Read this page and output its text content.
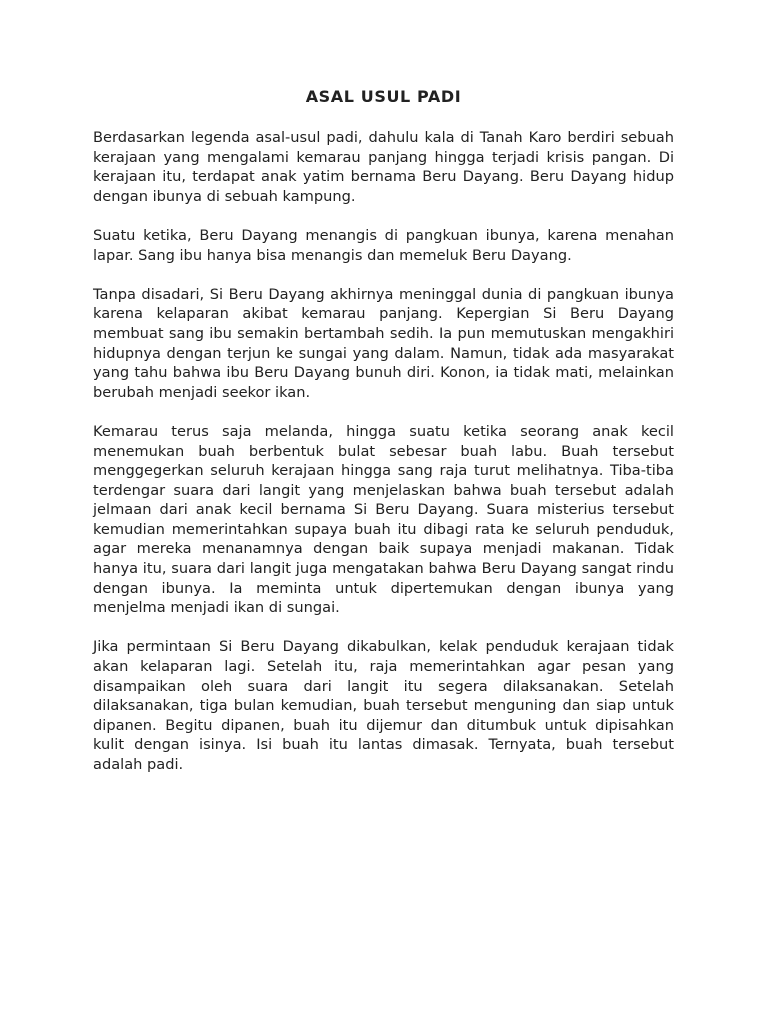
ASAL USUL PADI

Berdasarkan legenda asal-usul padi, dahulu kala di Tanah Karo berdiri sebuah kerajaan yang mengalami kemarau panjang hingga terjadi krisis pangan. Di kerajaan itu, terdapat anak yatim bernama Beru Dayang. Beru Dayang hidup dengan ibunya di sebuah kampung.

Suatu ketika, Beru Dayang menangis di pangkuan ibunya, karena menahan lapar. Sang ibu hanya bisa menangis dan memeluk Beru Dayang.

Tanpa disadari, Si Beru Dayang akhirnya meninggal dunia di pangkuan ibunya karena kelaparan akibat kemarau panjang. Kepergian Si Beru Dayang membuat sang ibu semakin bertambah sedih. Ia pun memutuskan mengakhiri hidupnya dengan terjun ke sungai yang dalam. Namun, tidak ada masyarakat yang tahu bahwa ibu Beru Dayang bunuh diri. Konon, ia tidak mati, melainkan berubah menjadi seekor ikan.

Kemarau terus saja melanda, hingga suatu ketika seorang anak kecil menemukan buah berbentuk bulat sebesar buah labu. Buah tersebut menggegerkan seluruh kerajaan hingga sang raja turut melihatnya. Tiba-tiba terdengar suara dari langit yang menjelaskan bahwa buah tersebut adalah jelmaan dari anak kecil bernama Si Beru Dayang. Suara misterius tersebut kemudian memerintahkan supaya buah itu dibagi rata ke seluruh penduduk, agar mereka menanamnya dengan baik supaya menjadi makanan. Tidak hanya itu, suara dari langit juga mengatakan bahwa Beru Dayang sangat rindu dengan ibunya. Ia meminta untuk dipertemukan dengan ibunya yang menjelma menjadi ikan di sungai.

Jika permintaan Si Beru Dayang dikabulkan, kelak penduduk kerajaan tidak akan kelaparan lagi. Setelah itu, raja memerintahkan agar pesan yang disampaikan oleh suara dari langit itu segera dilaksanakan. Setelah dilaksanakan, tiga bulan kemudian, buah tersebut menguning dan siap untuk dipanen. Begitu dipanen, buah itu dijemur dan ditumbuk untuk dipisahkan kulit dengan isinya. Isi buah itu lantas dimasak. Ternyata, buah tersebut adalah padi.
